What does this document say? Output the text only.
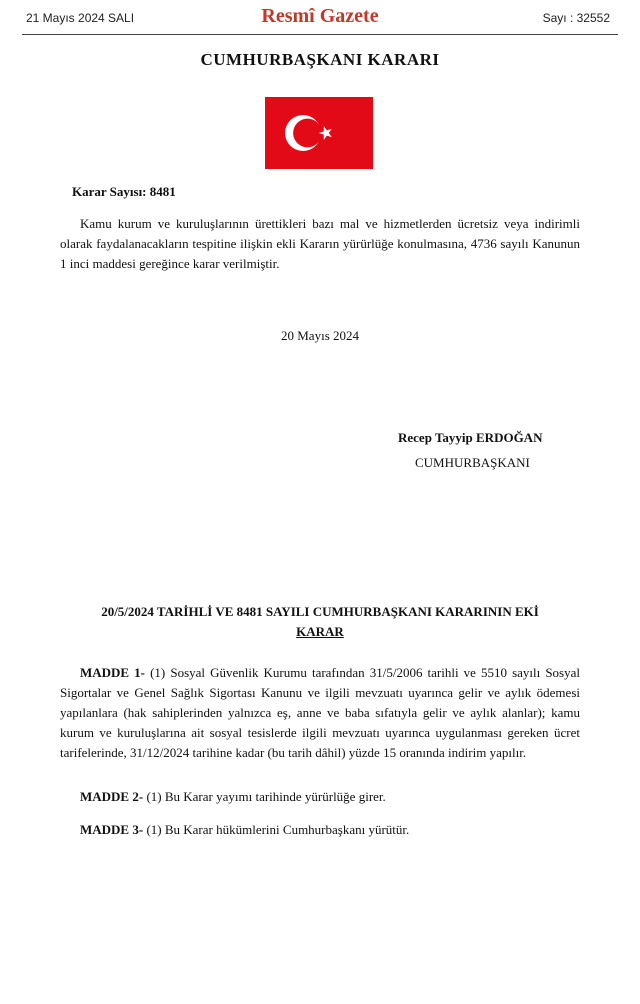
21 Mayıs 2024 SALI	Resmî Gazete	Sayı : 32552
CUMHURBAŞKANI KARARI
Karar Sayısı: 8481
Kamu kurum ve kuruluşlarının ürettikleri bazı mal ve hizmetlerden ücretsiz veya indirimli olarak faydalanacakların tespitine ilişkin ekli Kararın yürürlüğe konulmasına, 4736 sayılı Kanunun 1 inci maddesi gereğince karar verilmiştir.
20 Mayıs 2024
Recep Tayyip ERDOĞAN
CUMHURBAŞKANI
20/5/2024 TARİHLİ VE 8481 SAYILI CUMHURBAŞKANI KARARININ EKİ
KARAR
MADDE 1- (1) Sosyal Güvenlik Kurumu tarafından 31/5/2006 tarihli ve 5510 sayılı Sosyal Sigortalar ve Genel Sağlık Sigortası Kanunu ve ilgili mevzuatı uyarınca gelir ve aylık ödemesi yapılanlara (hak sahiplerinden yalnızca eş, anne ve baba sıfatıyla gelir ve aylık alanlar); kamu kurum ve kuruluşlarına ait sosyal tesislerde ilgili mevzuatı uyarınca uygulanması gereken ücret tarifelerinde, 31/12/2024 tarihine kadar (bu tarih dâhil) yüzde 15 oranında indirim yapılır.
MADDE 2- (1) Bu Karar yayımı tarihinde yürürlüğe girer.
MADDE 3- (1) Bu Karar hükümlerini Cumhurbaşkanı yürütür.
